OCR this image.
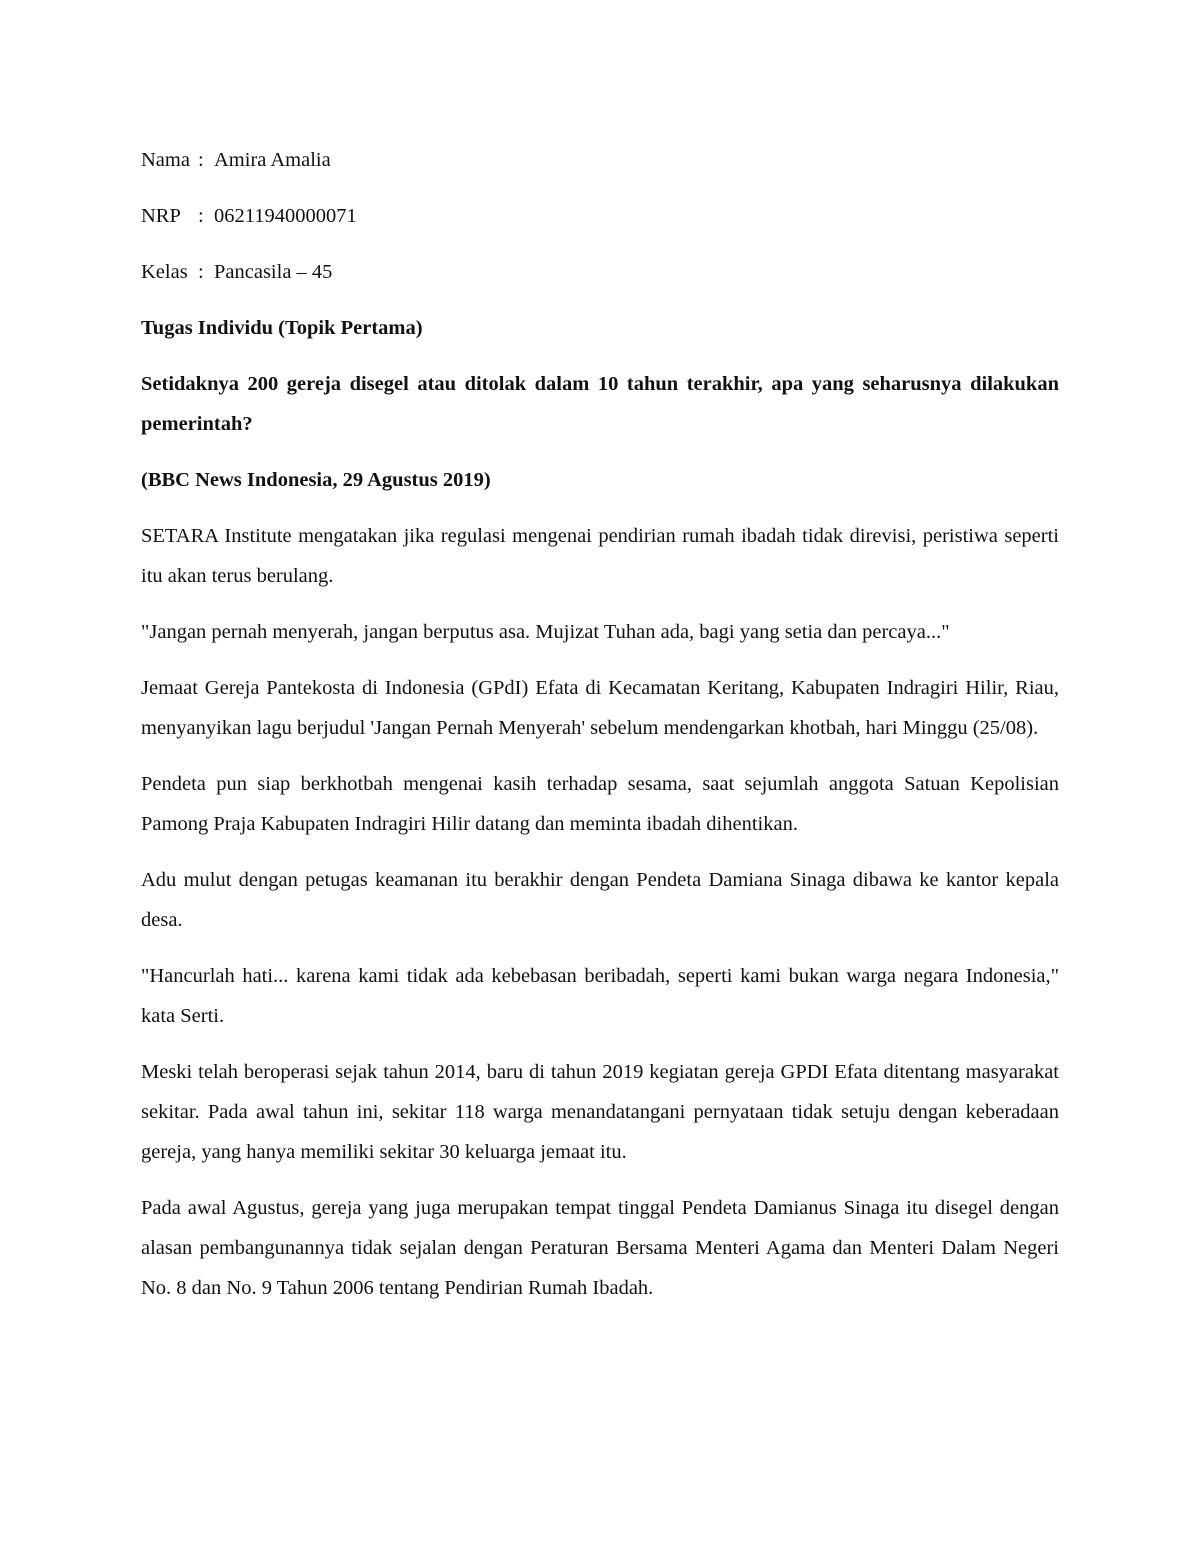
Nama : Amira Amalia
NRP : 06211940000071
Kelas : Pancasila – 45

Tugas Individu (Topik Pertama)

Setidaknya 200 gereja disegel atau ditolak dalam 10 tahun terakhir, apa yang seharusnya dilakukan pemerintah?

(BBC News Indonesia, 29 Agustus 2019)

SETARA Institute mengatakan jika regulasi mengenai pendirian rumah ibadah tidak direvisi, peristiwa seperti itu akan terus berulang.

"Jangan pernah menyerah, jangan berputus asa. Mujizat Tuhan ada, bagi yang setia dan percaya..."

Jemaat Gereja Pantekosta di Indonesia (GPdI) Efata di Kecamatan Keritang, Kabupaten Indragiri Hilir, Riau, menyanyikan lagu berjudul 'Jangan Pernah Menyerah' sebelum mendengarkan khotbah, hari Minggu (25/08).

Pendeta pun siap berkhotbah mengenai kasih terhadap sesama, saat sejumlah anggota Satuan Kepolisian Pamong Praja Kabupaten Indragiri Hilir datang dan meminta ibadah dihentikan.

Adu mulut dengan petugas keamanan itu berakhir dengan Pendeta Damiana Sinaga dibawa ke kantor kepala desa.

"Hancurlah hati... karena kami tidak ada kebebasan beribadah, seperti kami bukan warga negara Indonesia," kata Serti.

Meski telah beroperasi sejak tahun 2014, baru di tahun 2019 kegiatan gereja GPDI Efata ditentang masyarakat sekitar. Pada awal tahun ini, sekitar 118 warga menandatangani pernyataan tidak setuju dengan keberadaan gereja, yang hanya memiliki sekitar 30 keluarga jemaat itu.

Pada awal Agustus, gereja yang juga merupakan tempat tinggal Pendeta Damianus Sinaga itu disegel dengan alasan pembangunannya tidak sejalan dengan Peraturan Bersama Menteri Agama dan Menteri Dalam Negeri No. 8 dan No. 9 Tahun 2006 tentang Pendirian Rumah Ibadah.
